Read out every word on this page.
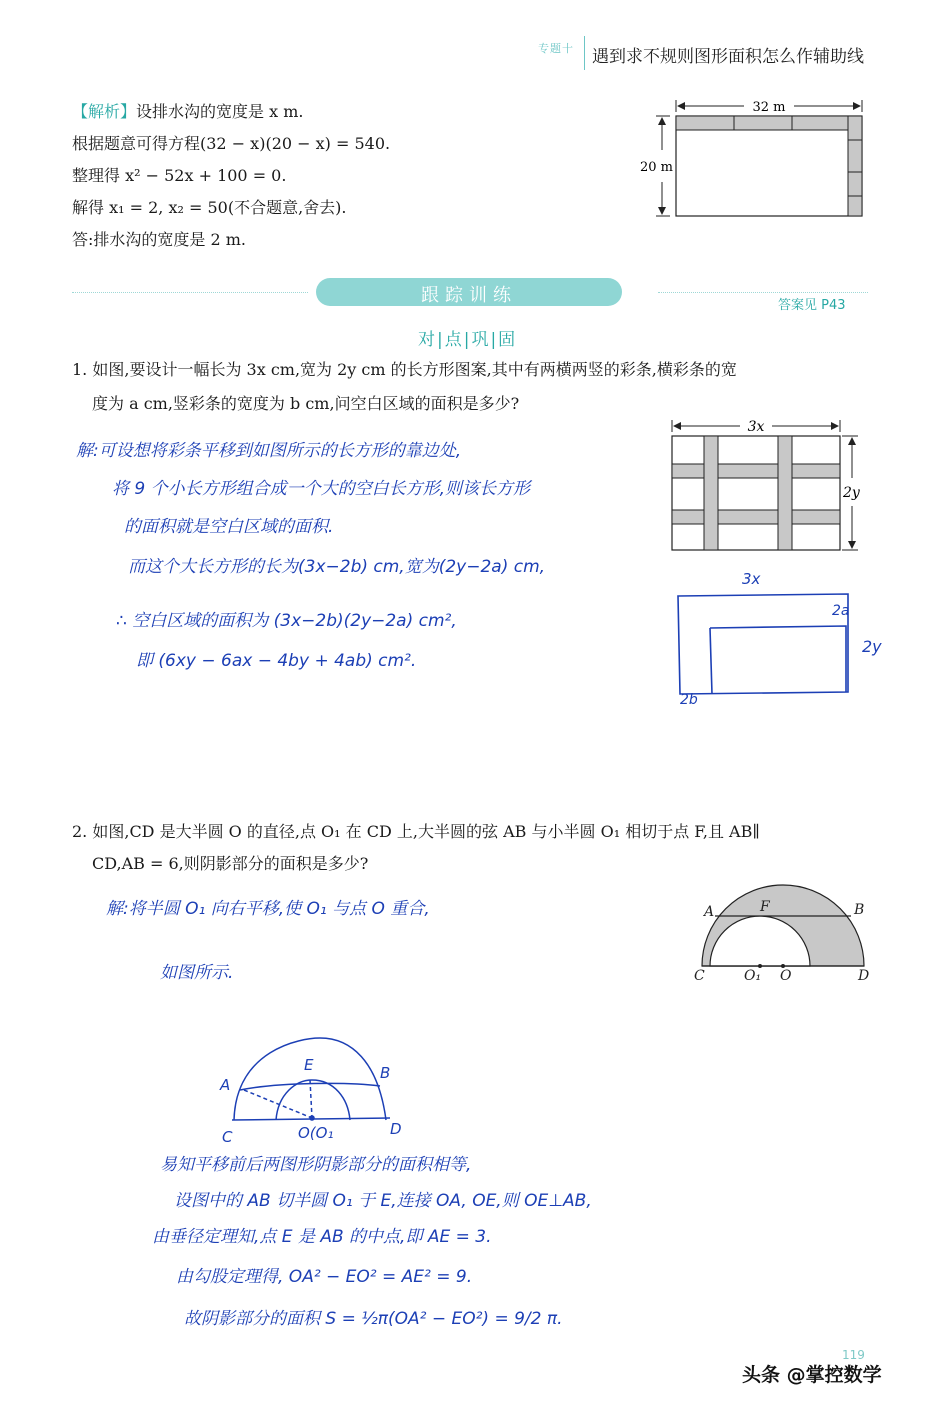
专题十 遇到求不规则图形面积怎么作辅助线
【解析】设排水沟的宽度是 x m.
根据题意可得方程(32 − x)(20 − x) = 540.
整理得 x² − 52x + 100 = 0.
解得 x₁ = 2, x₂ = 50(不合题意,舍去).
答:排水沟的宽度是 2 m.
跟踪训练	答案见 P43
对|点|巩|固
1. 如图,要设计一幅长为 3x cm,宽为 2y cm 的长方形图案,其中有两横两竖的彩条,横彩条的宽
度为 a cm,竖彩条的宽度为 b cm,问空白区域的面积是多少?
解:可设想将彩条平移到如图所示的长方形的靠边处,
将 9 个小长方形组合成一个大的空白长方形,则该长方形
的面积就是空白区域的面积.
而这个大长方形的长为(3x−2b) cm,宽为(2y−2a) cm,
∴ 空白区域的面积为 (3x−2b)(2y−2a) cm²,
即 (6xy − 6ax − 4by + 4ab) cm².
2. 如图,CD 是大半圆 O 的直径,点 O₁ 在 CD 上,大半圆的弦 AB 与小半圆 O₁ 相切于点 F,且 AB∥
CD,AB = 6,则阴影部分的面积是多少?
解:将半圆 O₁ 向右平移,使 O₁ 与点 O 重合,
如图所示.
易知平移前后两图形阴影部分的面积相等,
设图中的 AB 切半圆 O₁ 于 E,连接 OA, OE,则 OE⊥AB,
由垂径定理知,点 E 是 AB 的中点,即 AE = 3.
由勾股定理得, OA² − EO² = AE² = 9.
故阴影部分的面积 S = ½π(OA² − EO²) = 9/2 π.
119
头条 @掌控数学
32 m
20 m
3x
2y
3x
2a
2y
2b
A	F	B
C	O₁ O	D
A
E	B
C	O(O₁	D
